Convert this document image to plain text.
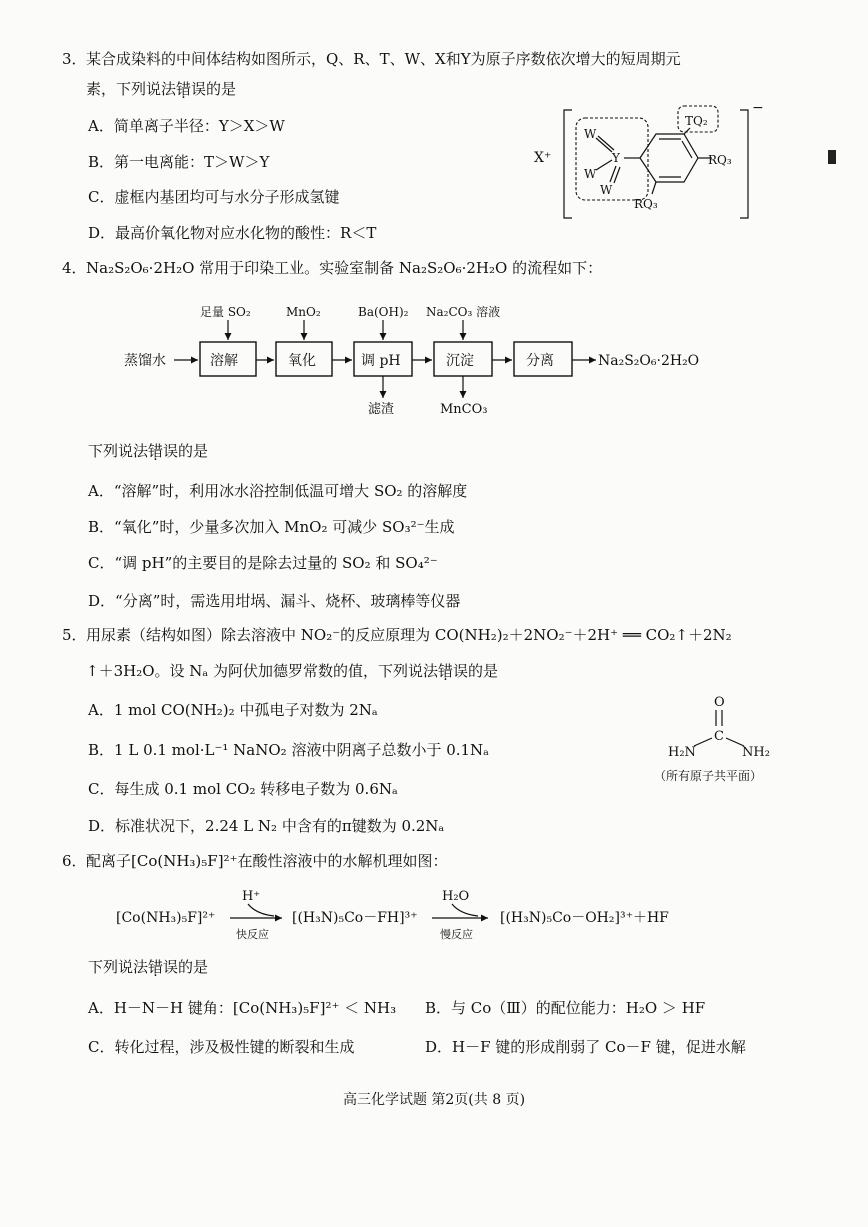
3．某合成染料的中间体结构如图所示，Q、R、T、W、X和Y为原子序数依次增大的短周期元
素，下列说法错误的是
A．简单离子半径：Y＞X＞W
B．第一电离能：T＞W＞Y
C．虚框内基团均可与水分子形成氢键
D．最高价氧化物对应水化物的酸性：R＜T
X⁺
−
W
W
W
Y
TQ₂
RQ₃
RQ₃
4．Na₂S₂O₆·2H₂O 常用于印染工业。实验室制备 Na₂S₂O₆·2H₂O 的流程如下：
蒸馏水	溶解	氧化	调 pH	沉淀	分离	Na₂S₂O₆·2H₂O
足量 SO₂	MnO₂	Ba(OH)₂ Na₂CO₃ 溶液
滤渣	MnCO₃
下列说法错误的是
A．“溶解”时，利用冰水浴控制低温可增大 SO₂ 的溶解度
B．“氧化”时，少量多次加入 MnO₂ 可减少 SO₃²⁻生成
C．“调 pH”的主要目的是除去过量的 SO₂ 和 SO₄²⁻
D．“分离”时，需选用坩埚、漏斗、烧杯、玻璃棒等仪器
5．用尿素（结构如图）除去溶液中 NO₂⁻的反应原理为 CO(NH₂)₂＋2NO₂⁻＋2H⁺ ══ CO₂↑＋2N₂
↑＋3H₂O。设 Nₐ 为阿伏加德罗常数的值，下列说法错误的是
A．1 mol CO(NH₂)₂ 中孤电子对数为 2Nₐ
B．1 L 0.1 mol·L⁻¹ NaNO₂ 溶液中阴离子总数小于 0.1Nₐ
C．每生成 0.1 mol CO₂ 转移电子数为 0.6Nₐ
D．标准状况下，2.24 L N₂ 中含有的π键数为 0.2Nₐ
O
C
H₂N	NH₂
（所有原子共平面）
6．配离子[Co(NH₃)₅F]²⁺在酸性溶液中的水解机理如图：
[Co(NH₃)₅F]²⁺
H⁺
快反应
[(H₃N)₅Co－FH]³⁺
H₂O
慢反应
[(H₃N)₅Co－OH₂]³⁺＋HF
下列说法错误的是
A．H－N－H 键角：[Co(NH₃)₅F]²⁺ ＜ NH₃ B．与 Co（Ⅲ）的配位能力：H₂O ＞ HF
C．转化过程，涉及极性键的断裂和生成	D．H－F 键的形成削弱了 Co－F 键，促进水解
高三化学试题 第2页(共 8 页)
